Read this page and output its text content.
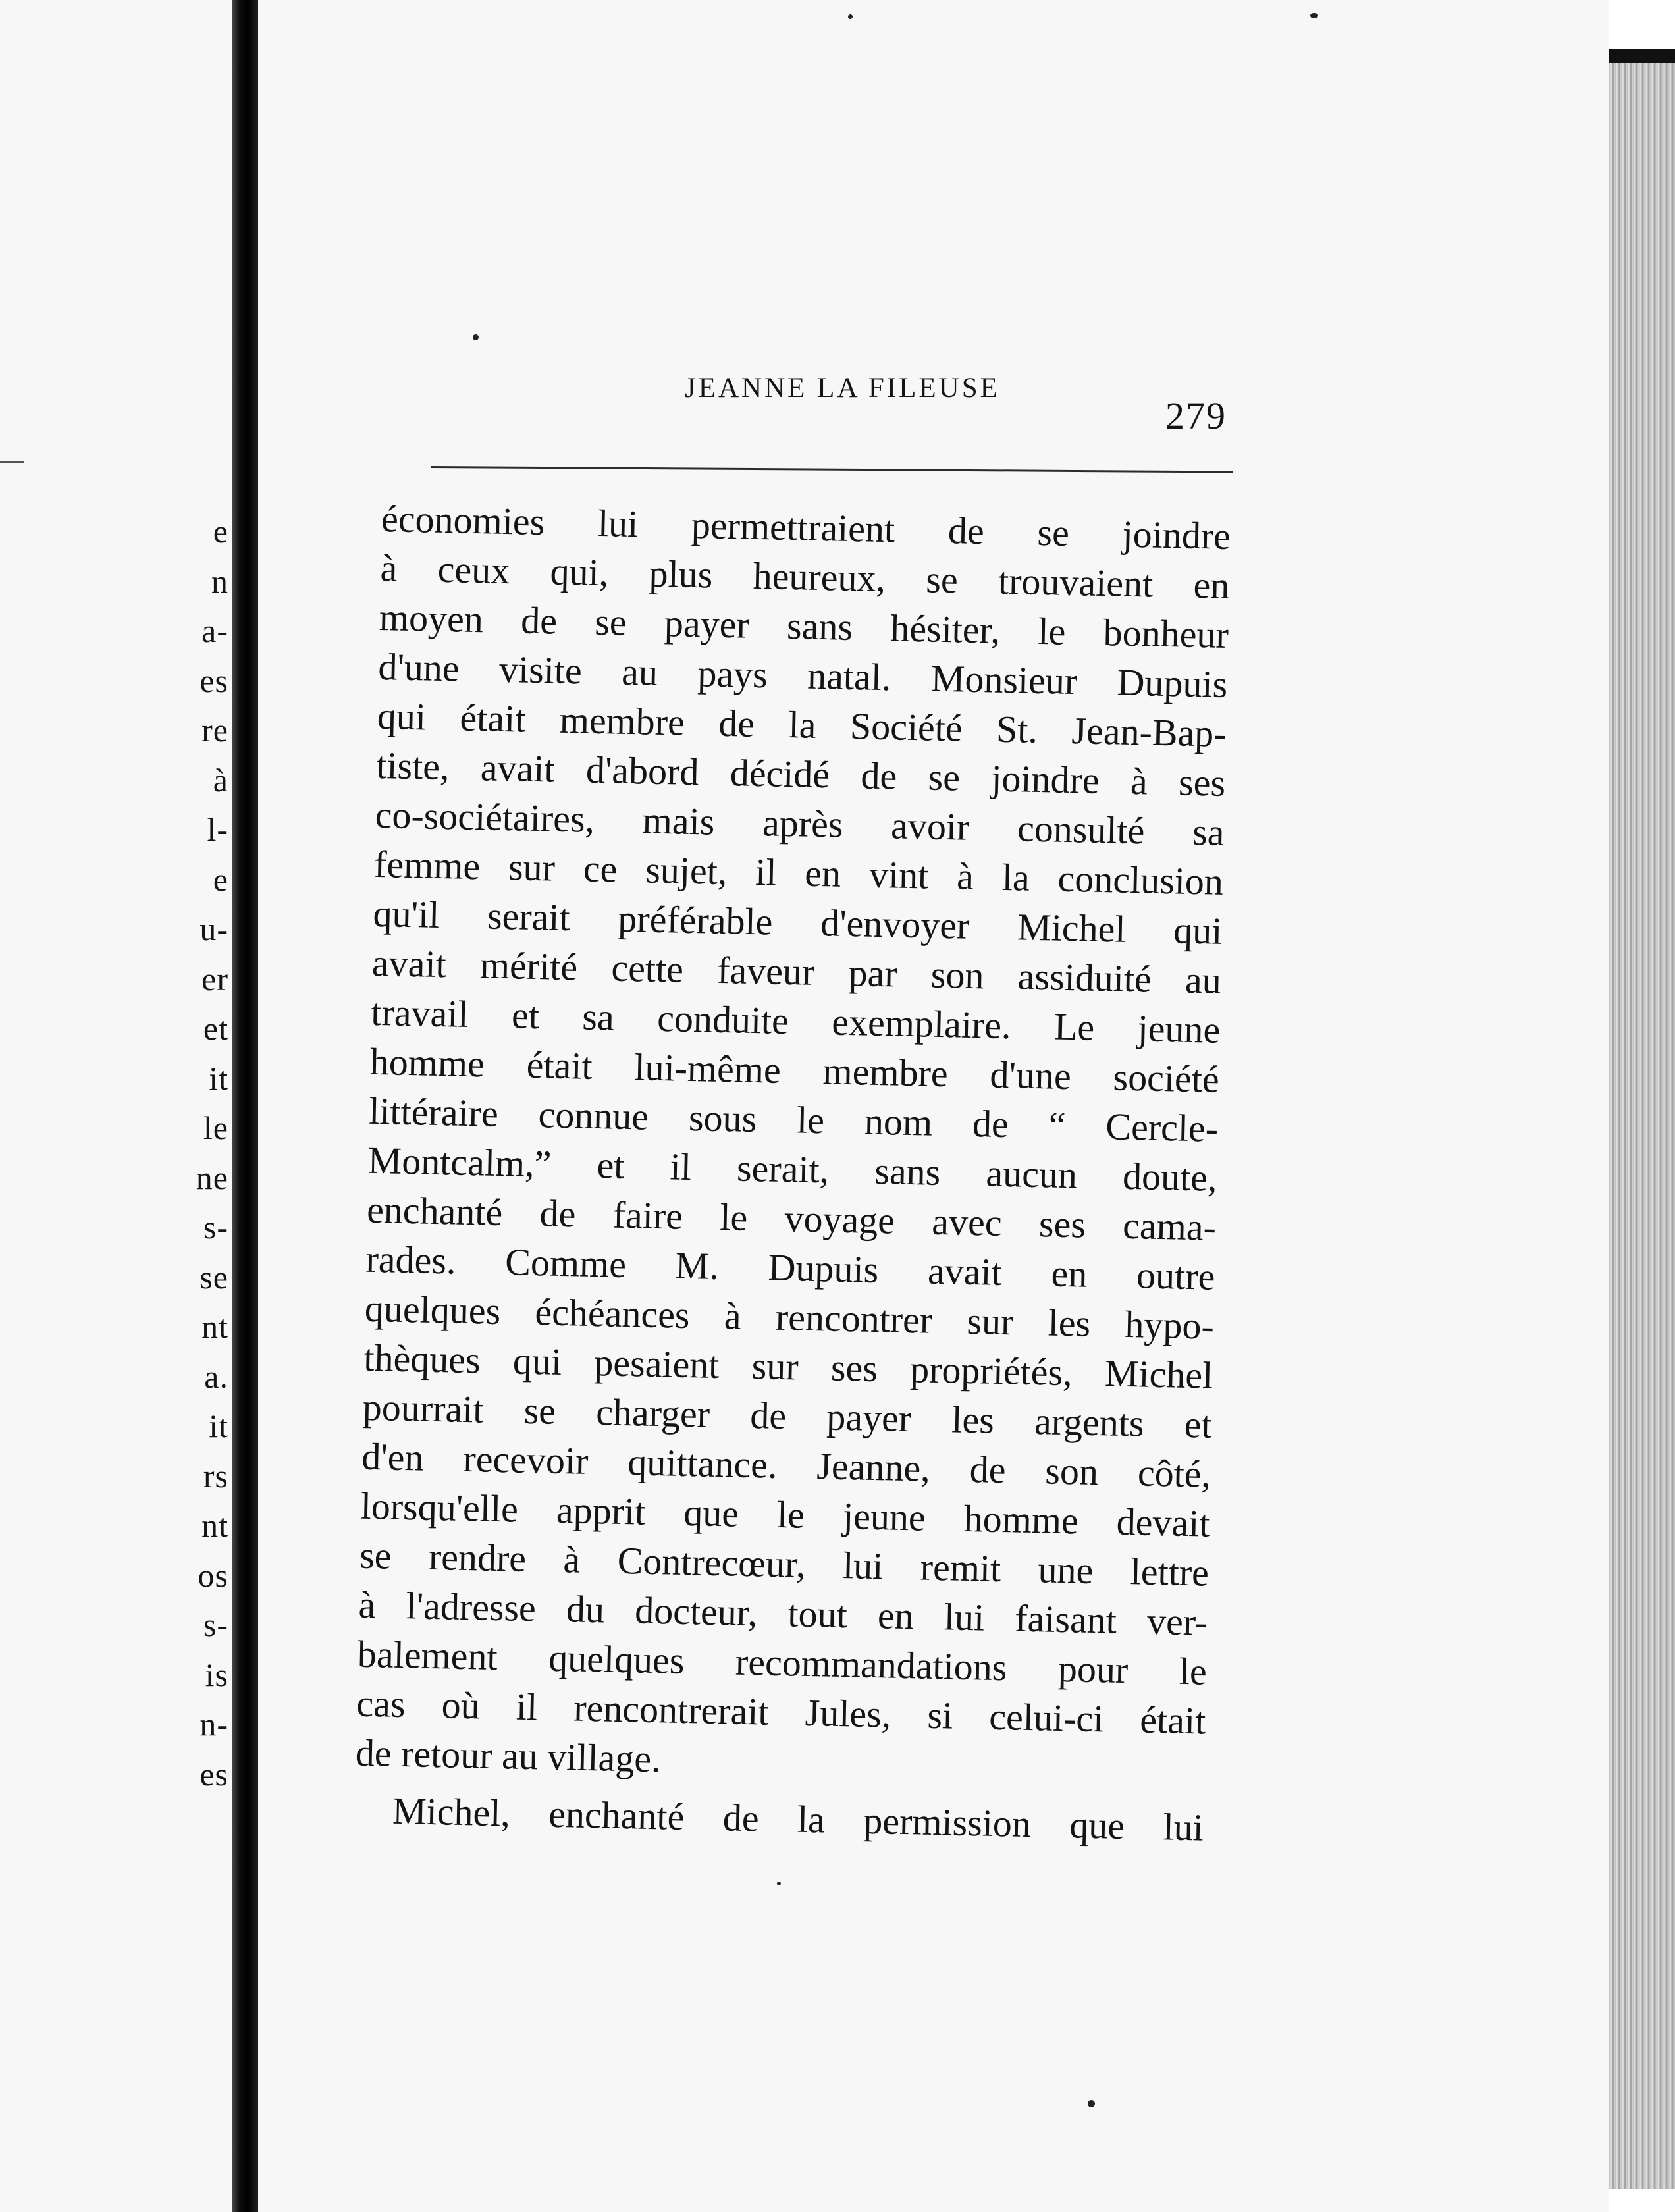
e
n
a-
es
re
à
l-
e
u-
er
et
it
le
ne
s-
se
nt
a.
it
rs
nt
os
s-
is
n-
es
JEANNE LA FILEUSE
279
économies lui permettraient de se joindre
à ceux qui, plus heureux, se trouvaient en
moyen de se payer sans hésiter, le bonheur
d'une visite au pays natal. Monsieur Dupuis
qui était membre de la Société St. Jean-Bap-
tiste, avait d'abord décidé de se joindre à ses
co-sociétaires, mais après avoir consulté sa
femme sur ce sujet, il en vint à la conclusion
qu'il serait préférable d'envoyer Michel qui
avait mérité cette faveur par son assiduité au
travail et sa conduite exemplaire. Le jeune
homme était lui-même membre d'une société
littéraire connue sous le nom de “ Cercle-
Montcalm,” et il serait, sans aucun doute,
enchanté de faire le voyage avec ses cama-
rades. Comme M. Dupuis avait en outre
quelques échéances à rencontrer sur les hypo-
thèques qui pesaient sur ses propriétés, Michel
pourrait se charger de payer les argents et
d'en recevoir quittance. Jeanne, de son côté,
lorsqu'elle apprit que le jeune homme devait
se rendre à Contrecœur, lui remit une lettre
à l'adresse du docteur, tout en lui faisant ver-
balement quelques recommandations pour le
cas où il rencontrerait Jules, si celui-ci était
de retour au village.
Michel, enchanté de la permission que lui
